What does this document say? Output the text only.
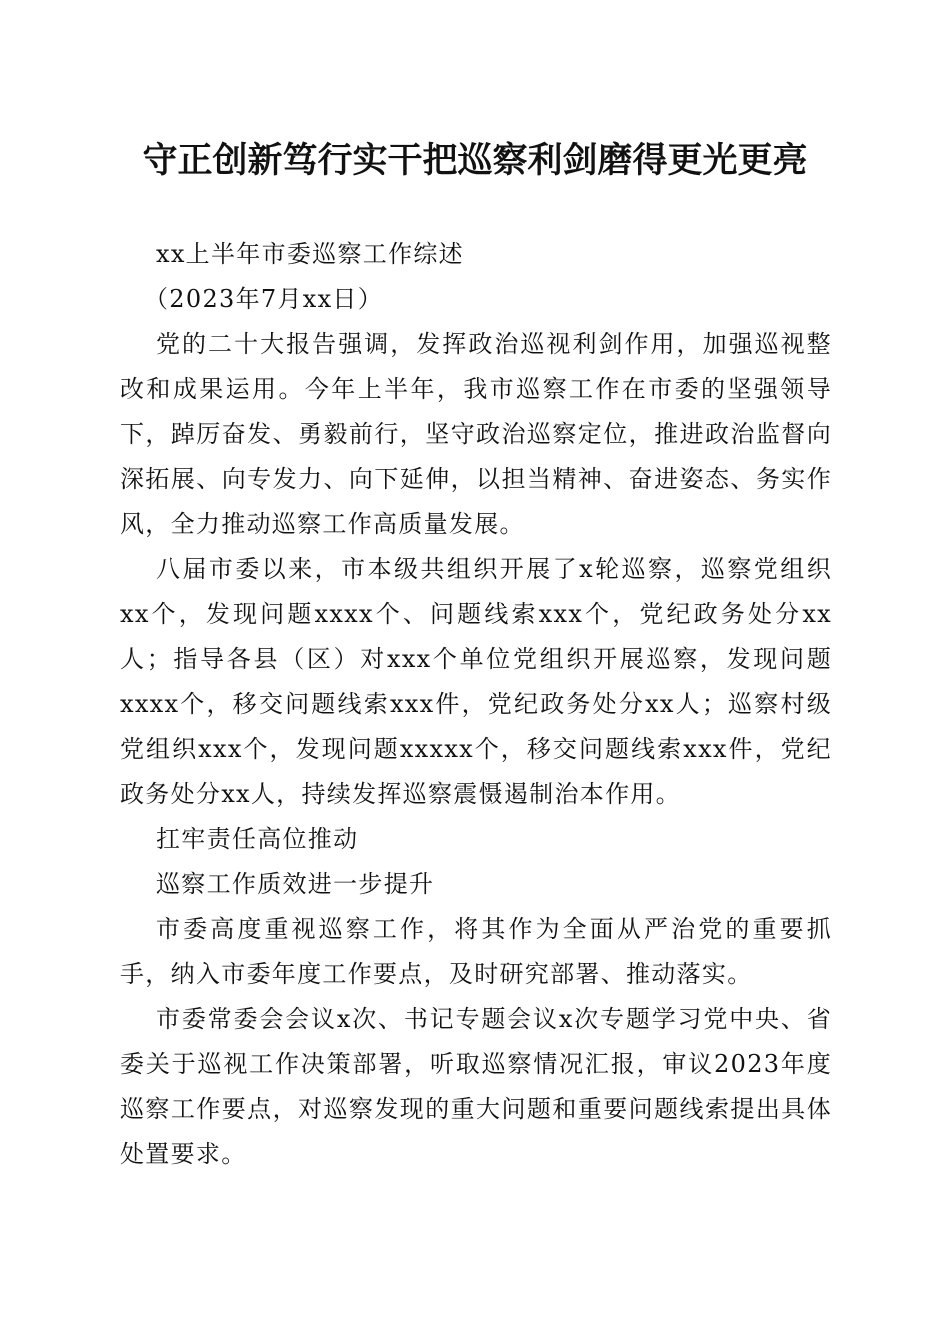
守正创新笃行实干把巡察利剑磨得更光更亮

xx上半年市委巡察工作综述

（2023年7月xx日）

党的二十大报告强调，发挥政治巡视利剑作用，加强巡视整改和成果运用。今年上半年，我市巡察工作在市委的坚强领导下，踔厉奋发、勇毅前行，坚守政治巡察定位，推进政治监督向深拓展、向专发力、向下延伸，以担当精神、奋进姿态、务实作风，全力推动巡察工作高质量发展。

八届市委以来，市本级共组织开展了x轮巡察，巡察党组织xx个，发现问题xxxx个、问题线索xxx个，党纪政务处分xx人；指导各县（区）对xxx个单位党组织开展巡察，发现问题xxxx个，移交问题线索xxx件，党纪政务处分xx人；巡察村级党组织xxx个，发现问题xxxxx个，移交问题线索xxx件，党纪政务处分xx人，持续发挥巡察震慑遏制治本作用。

扛牢责任高位推动

巡察工作质效进一步提升

市委高度重视巡察工作，将其作为全面从严治党的重要抓手，纳入市委年度工作要点，及时研究部署、推动落实。

市委常委会会议x次、书记专题会议x次专题学习党中央、省委关于巡视工作决策部署，听取巡察情况汇报，审议2023年度巡察工作要点，对巡察发现的重大问题和重要问题线索提出具体处置要求。
